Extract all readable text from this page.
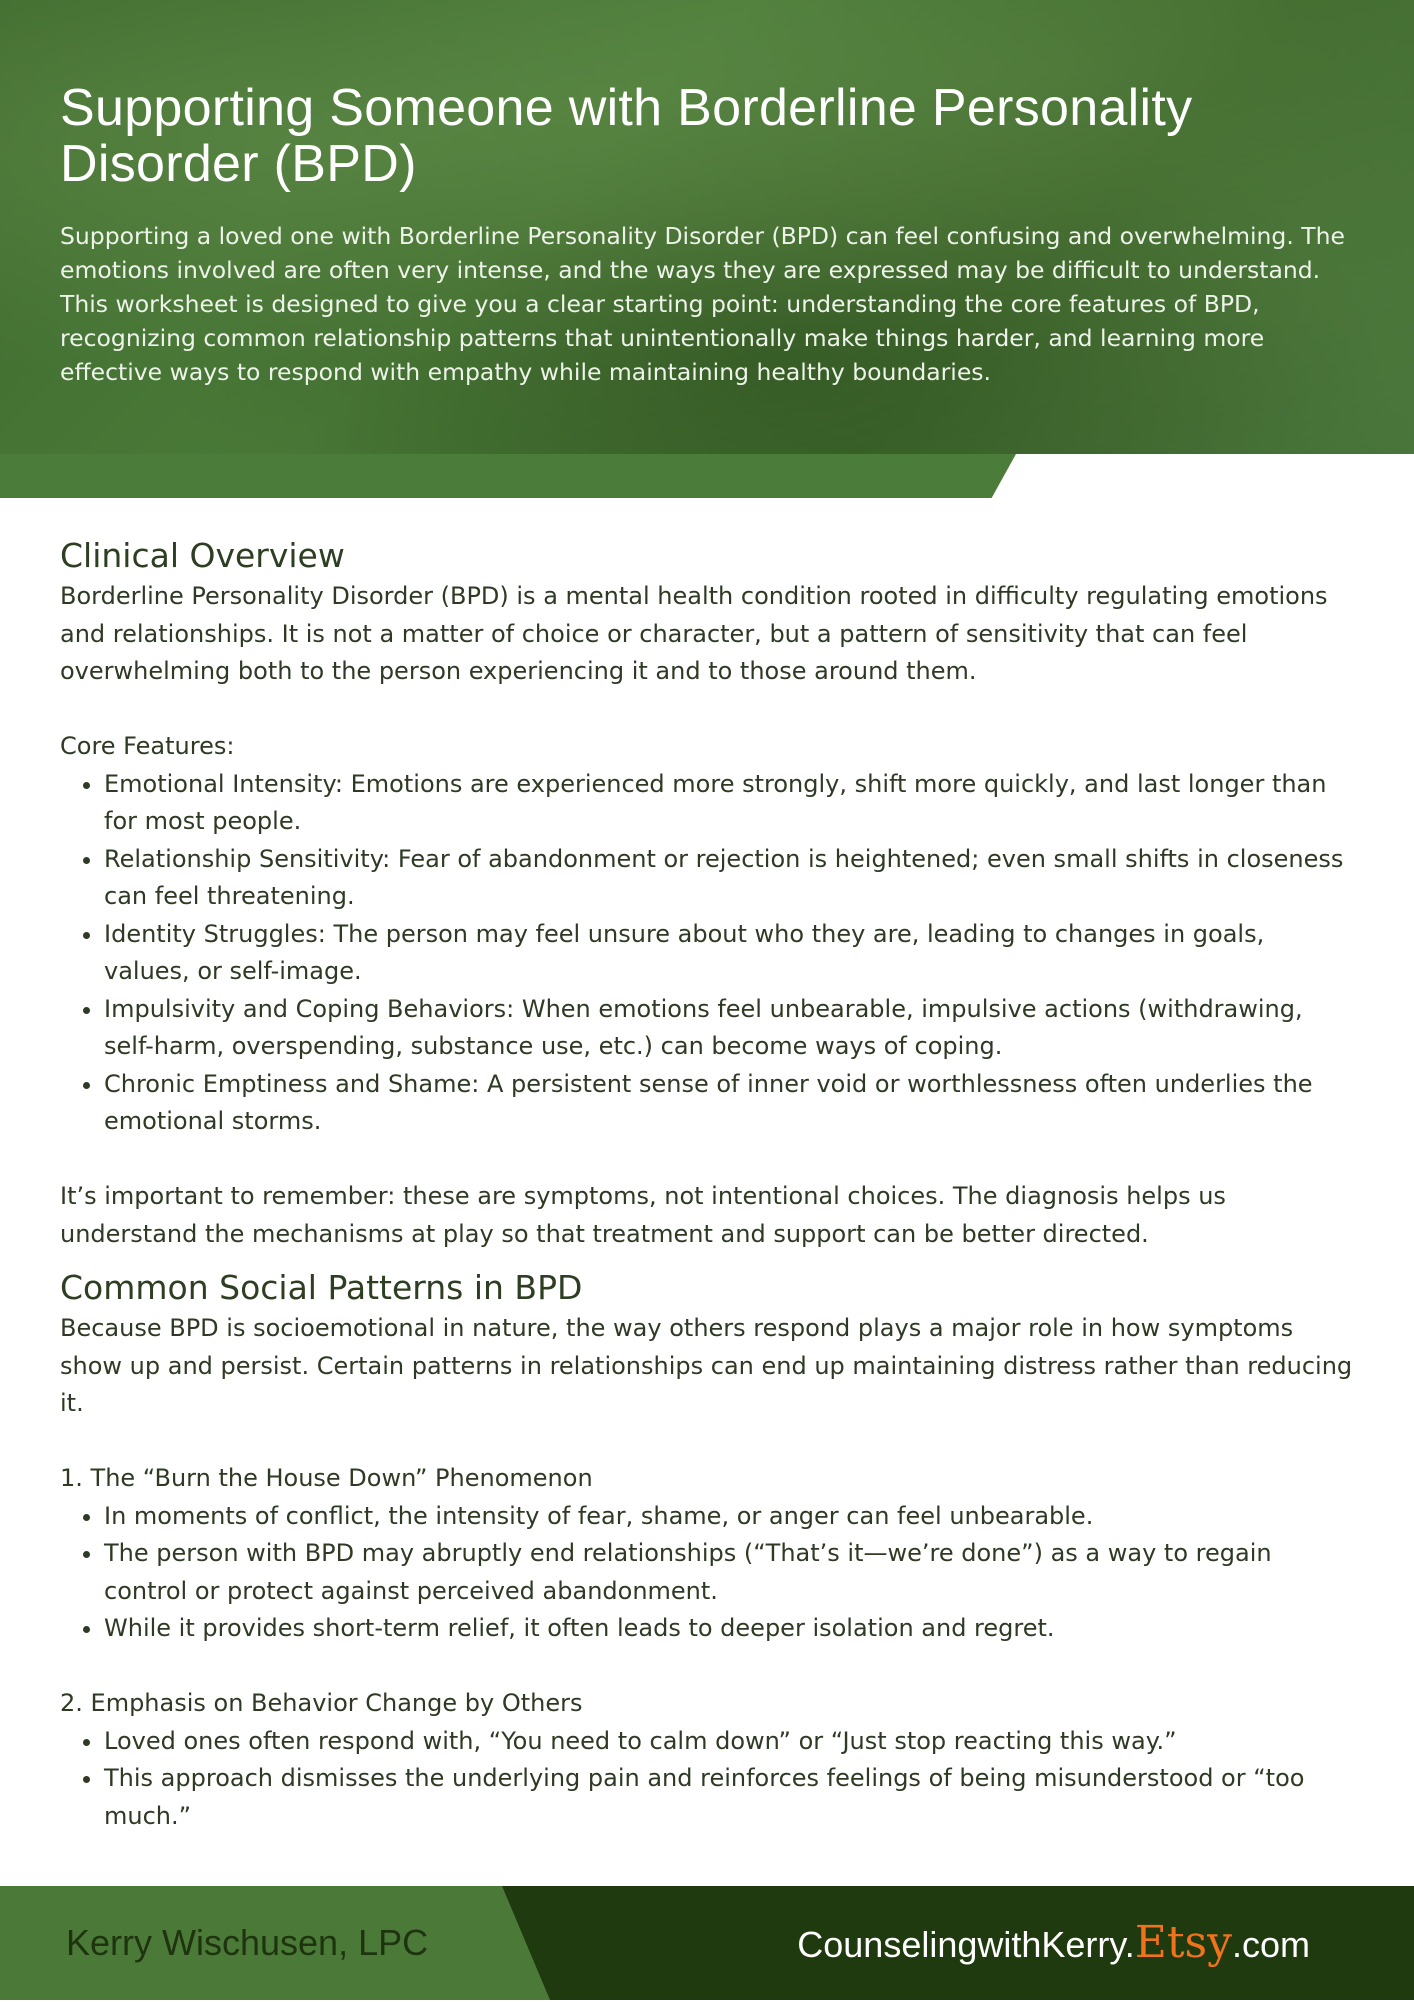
Supporting Someone with Borderline Personality Disorder (BPD)

Supporting a loved one with Borderline Personality Disorder (BPD) can feel confusing and overwhelming. The emotions involved are often very intense, and the ways they are expressed may be difficult to understand. This worksheet is designed to give you a clear starting point: understanding the core features of BPD, recognizing common relationship patterns that unintentionally make things harder, and learning more effective ways to respond with empathy while maintaining healthy boundaries.

Clinical Overview

Borderline Personality Disorder (BPD) is a mental health condition rooted in difficulty regulating emotions and relationships. It is not a matter of choice or character, but a pattern of sensitivity that can feel overwhelming both to the person experiencing it and to those around them.

Core Features:

• Emotional Intensity: Emotions are experienced more strongly, shift more quickly, and last longer than for most people.
• Relationship Sensitivity: Fear of abandonment or rejection is heightened; even small shifts in closeness can feel threatening.
• Identity Struggles: The person may feel unsure about who they are, leading to changes in goals, values, or self-image.
• Impulsivity and Coping Behaviors: When emotions feel unbearable, impulsive actions (withdrawing, self-harm, overspending, substance use, etc.) can become ways of coping.
• Chronic Emptiness and Shame: A persistent sense of inner void or worthlessness often underlies the emotional storms.

It’s important to remember: these are symptoms, not intentional choices. The diagnosis helps us understand the mechanisms at play so that treatment and support can be better directed.

Common Social Patterns in BPD

Because BPD is socioemotional in nature, the way others respond plays a major role in how symptoms show up and persist. Certain patterns in relationships can end up maintaining distress rather than reducing it.

1. The “Burn the House Down” Phenomenon

• In moments of conflict, the intensity of fear, shame, or anger can feel unbearable.
• The person with BPD may abruptly end relationships (“That’s it—we’re done”) as a way to regain control or protect against perceived abandonment.
• While it provides short-term relief, it often leads to deeper isolation and regret.

2. Emphasis on Behavior Change by Others

• Loved ones often respond with, “You need to calm down” or “Just stop reacting this way.”
• This approach dismisses the underlying pain and reinforces feelings of being misunderstood or “too much.”
Kerry Wischusen, LPC	CounselingwithKerry.Etsy.com
